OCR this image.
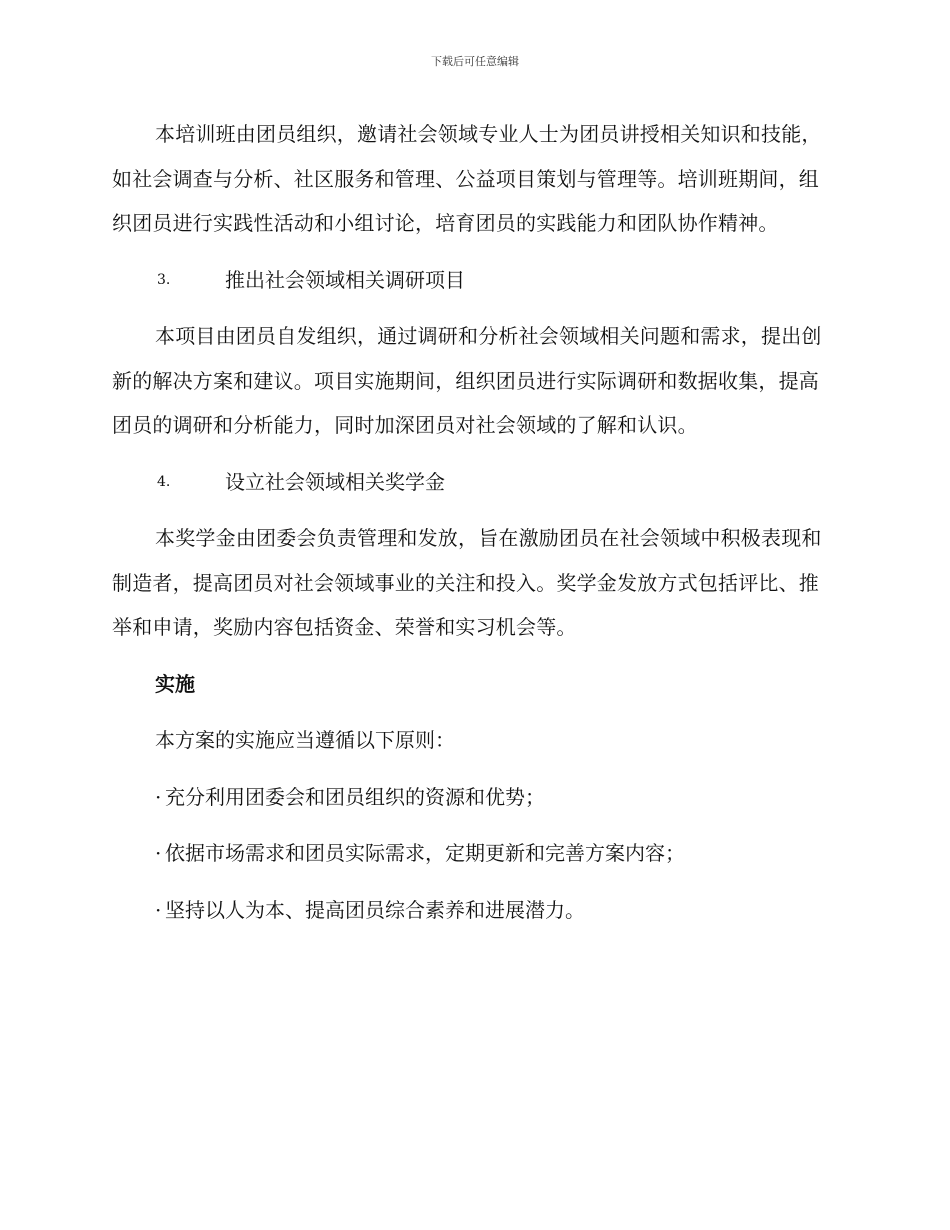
下载后可任意编辑

本培训班由团员组织，邀请社会领域专业人士为团员讲授相关知识和技能，如社会调查与分析、社区服务和管理、公益项目策划与管理等。培训班期间，组织团员进行实践性活动和小组讨论，培育团员的实践能力和团队协作精神。

3.	推出社会领域相关调研项目

本项目由团员自发组织，通过调研和分析社会领域相关问题和需求，提出创新的解决方案和建议。项目实施期间，组织团员进行实际调研和数据收集，提高团员的调研和分析能力，同时加深团员对社会领域的了解和认识。

4.	设立社会领域相关奖学金

本奖学金由团委会负责管理和发放，旨在激励团员在社会领域中积极表现和制造者，提高团员对社会领域事业的关注和投入。奖学金发放方式包括评比、推举和申请，奖励内容包括资金、荣誉和实习机会等。

实施
本方案的实施应当遵循以下原则：
· 充分利用团委会和团员组织的资源和优势；
· 依据市场需求和团员实际需求，定期更新和完善方案内容；
· 坚持以人为本、提高团员综合素养和进展潜力。
